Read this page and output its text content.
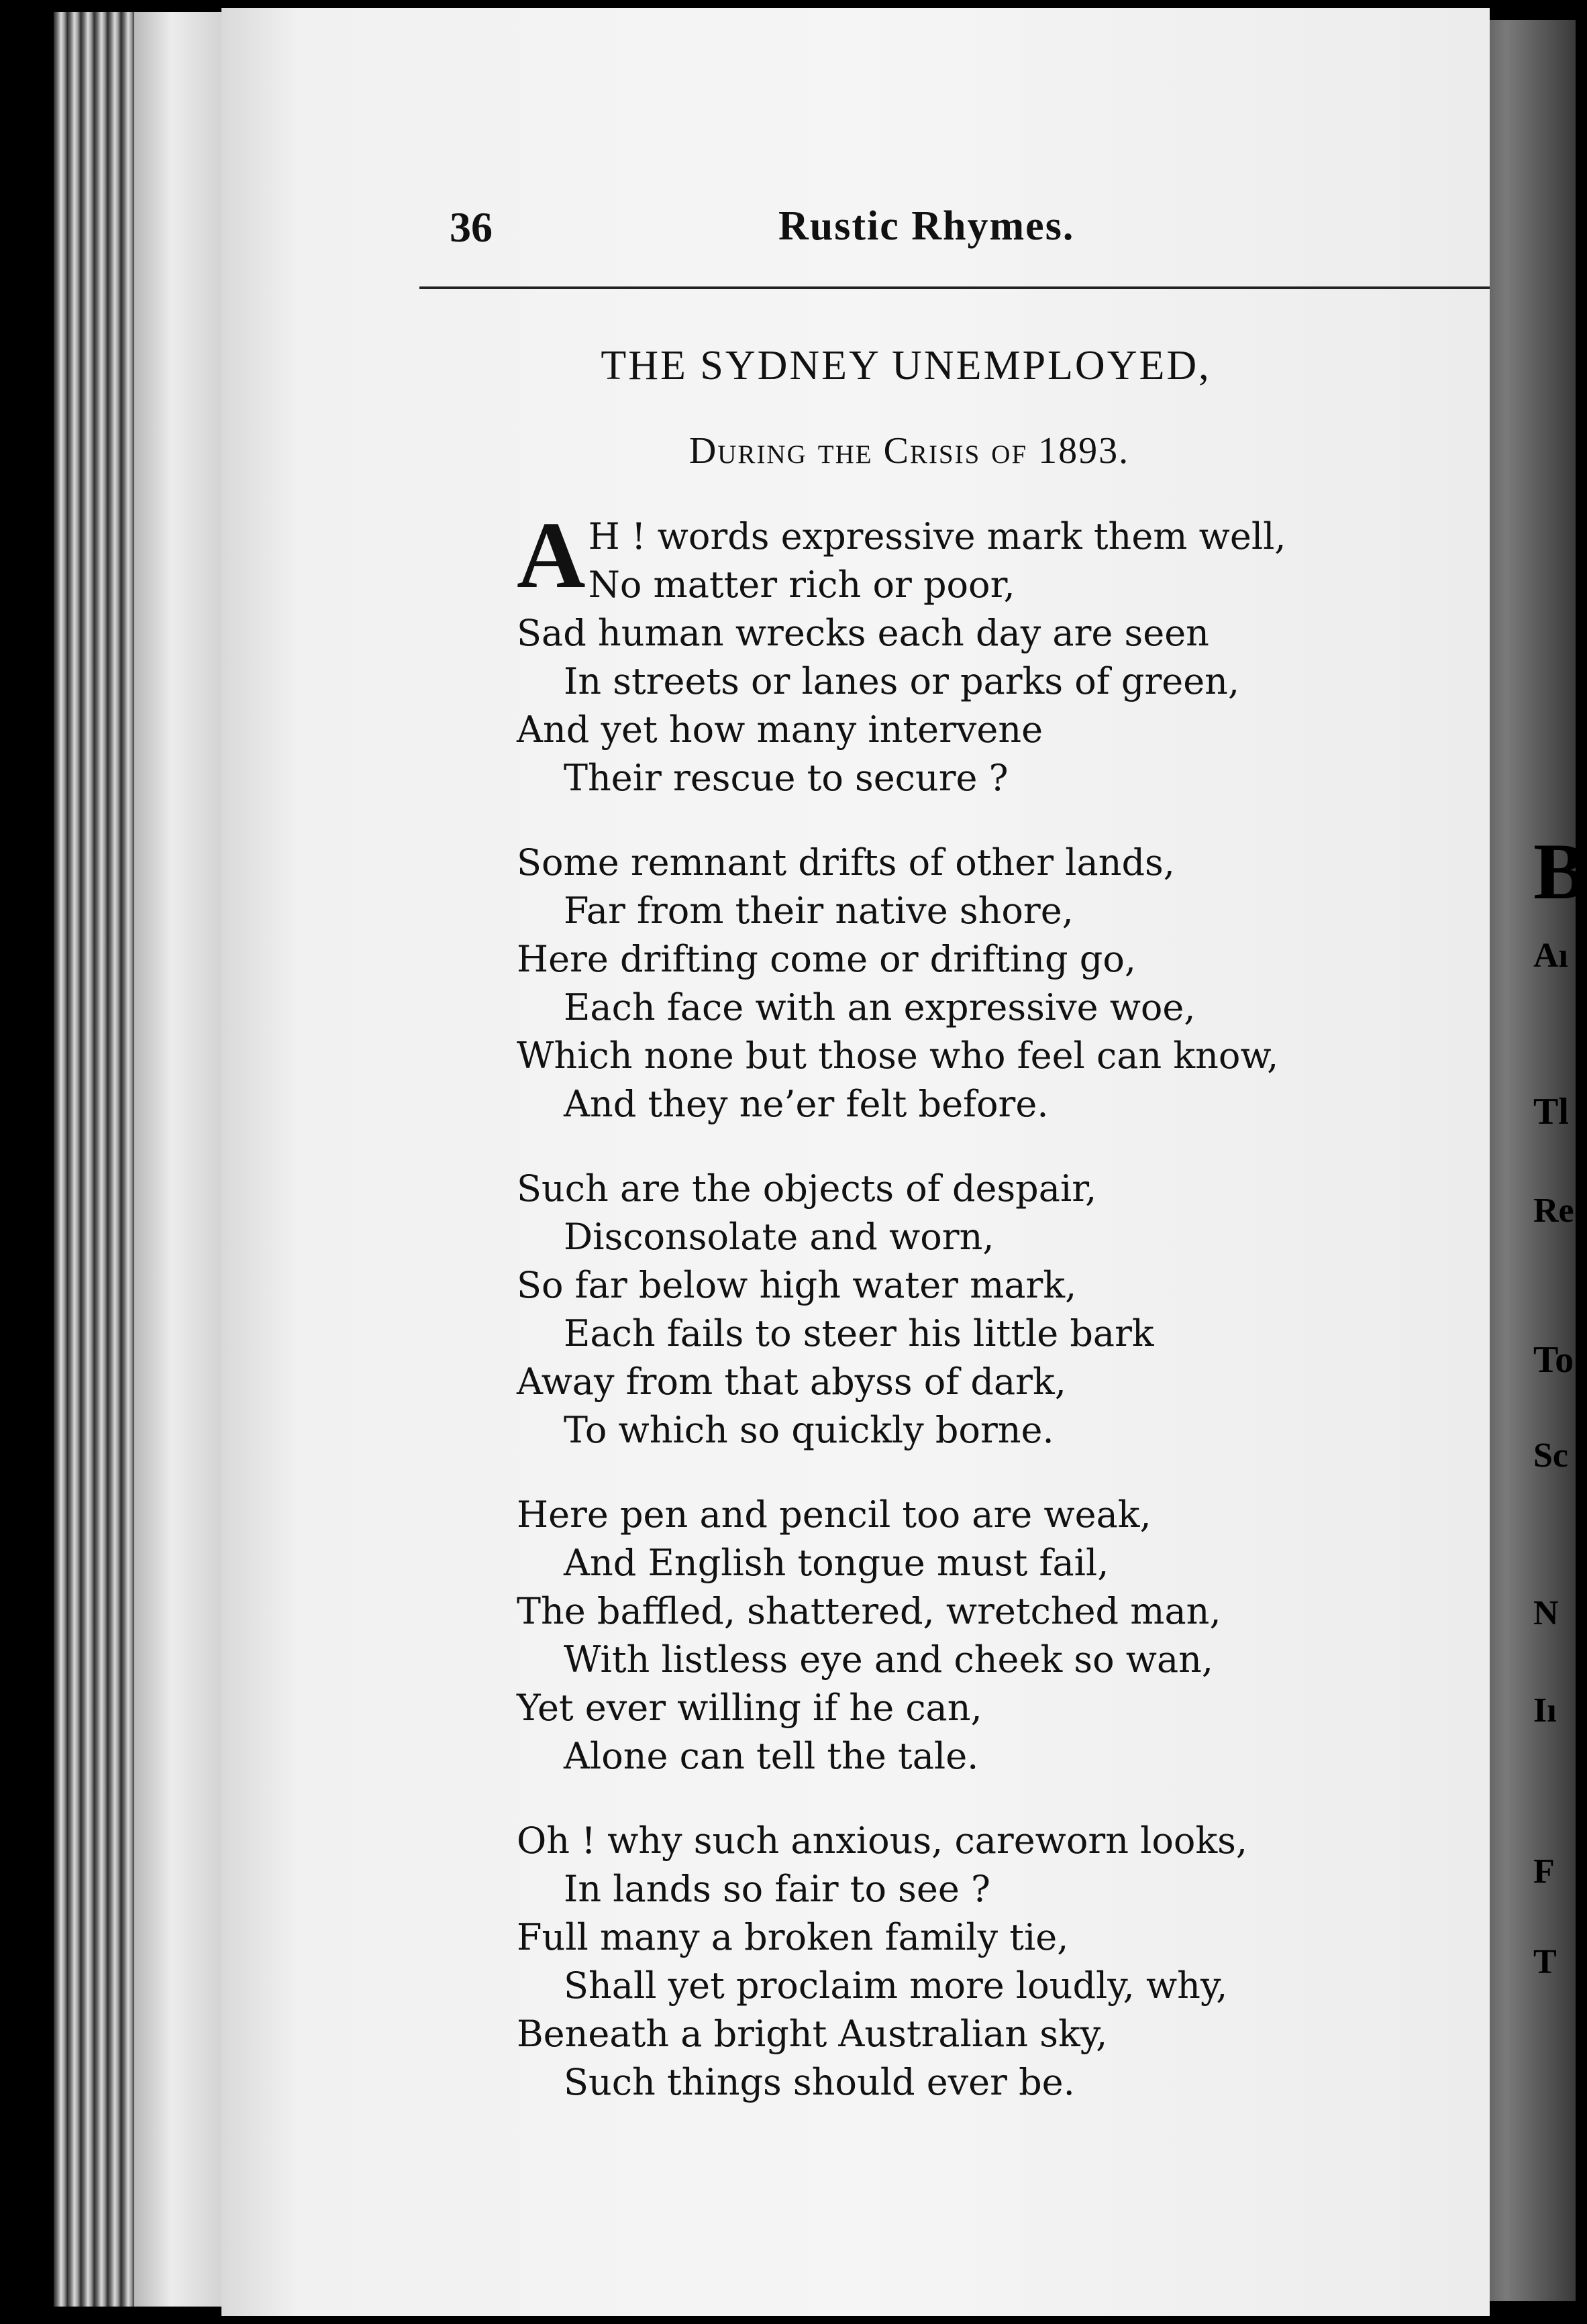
B
Aı
Tl
Re
To
Sc
N
Iı
F
T
36	Rustic Rhymes.
THE SYDNEY UNEMPLOYED,
During the Crisis of 1893.
A H ! words expressive mark them well,
No matter rich or poor,
Sad human wrecks each day are seen
In streets or lanes or parks of green,
And yet how many intervene
Their rescue to secure ?
Some remnant drifts of other lands,
Far from their native shore,
Here drifting come or drifting go,
Each face with an expressive woe,
Which none but those who feel can know,
And they ne’er felt before.
Such are the objects of despair,
Disconsolate and worn,
So far below high water mark,
Each fails to steer his little bark
Away from that abyss of dark,
To which so quickly borne.
Here pen and pencil too are weak,
And English tongue must fail,
The baffled, shattered, wretched man,
With listless eye and cheek so wan,
Yet ever willing if he can,
Alone can tell the tale.
Oh ! why such anxious, careworn looks,
In lands so fair to see ?
Full many a broken family tie,
Shall yet proclaim more loudly, why,
Beneath a bright Australian sky,
Such things should ever be.
